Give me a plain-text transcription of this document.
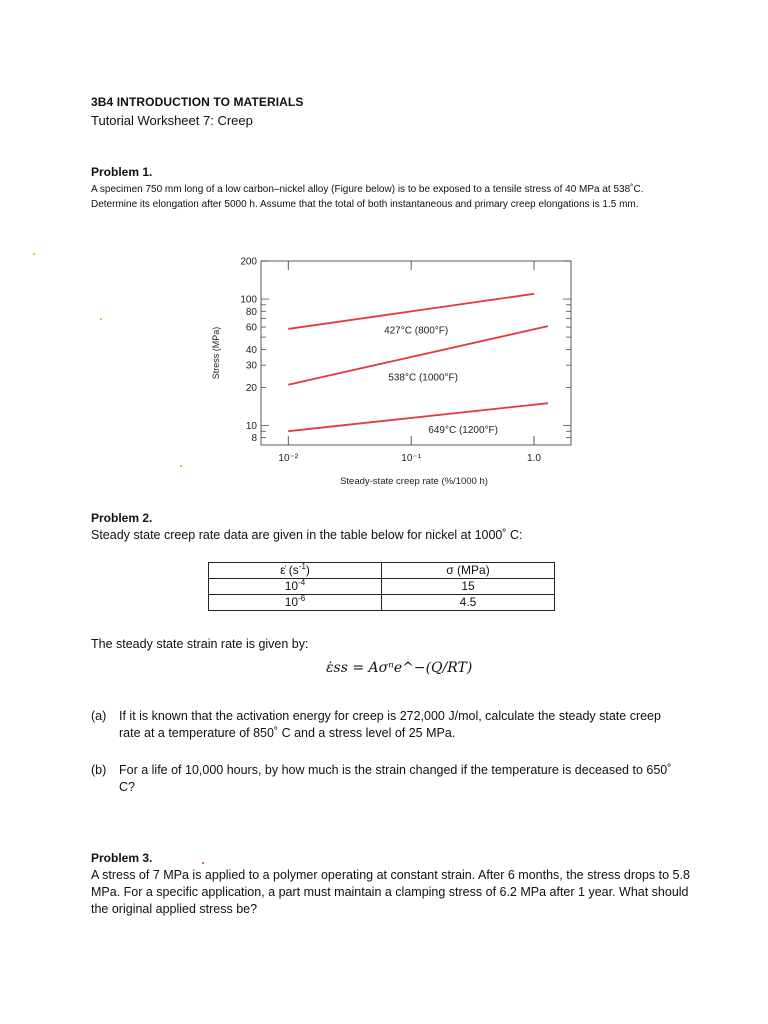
3B4 INTRODUCTION TO MATERIALS
Tutorial Worksheet 7: Creep
Problem 1.
A specimen 750 mm long of a low carbon–nickel alloy (Figure below) is to be exposed to a tensile stress of 40 MPa at 538˚C. Determine its elongation after 5000 h. Assume that the total of both instantaneous and primary creep elongations is 1.5 mm.
200
100
80
60
40
30
20
10
8
10⁻²	10⁻¹	1.0
427°C (800°F)
538°C (1000°F)
649°C (1200°F)
Stress (MPa)
Steady-state creep rate (%/1000 h)
Problem 2.
Steady state creep rate data are given in the table below for nickel at 1000˚ C:
ε̇ $(s^{-1})$	σ (MPa)
$10^{-4}$	15
$10^{-6}$	4.5
The steady state strain rate is given by:
ε̇ss = Aσⁿe^−(Q/RT)
(a) If it is known that the activation energy for creep is 272,000 J/mol, calculate the steady state creep rate at a temperature of 850˚ C and a stress level of 25 MPa.
(b) For a life of 10,000 hours, by how much is the strain changed if the temperature is deceased to 650˚ C?
Problem 3.
A stress of 7 MPa is applied to a polymer operating at constant strain. After 6 months, the stress drops to 5.8 MPa. For a specific application, a part must maintain a clamping stress of 6.2 MPa after 1 year. What should the original applied stress be?
